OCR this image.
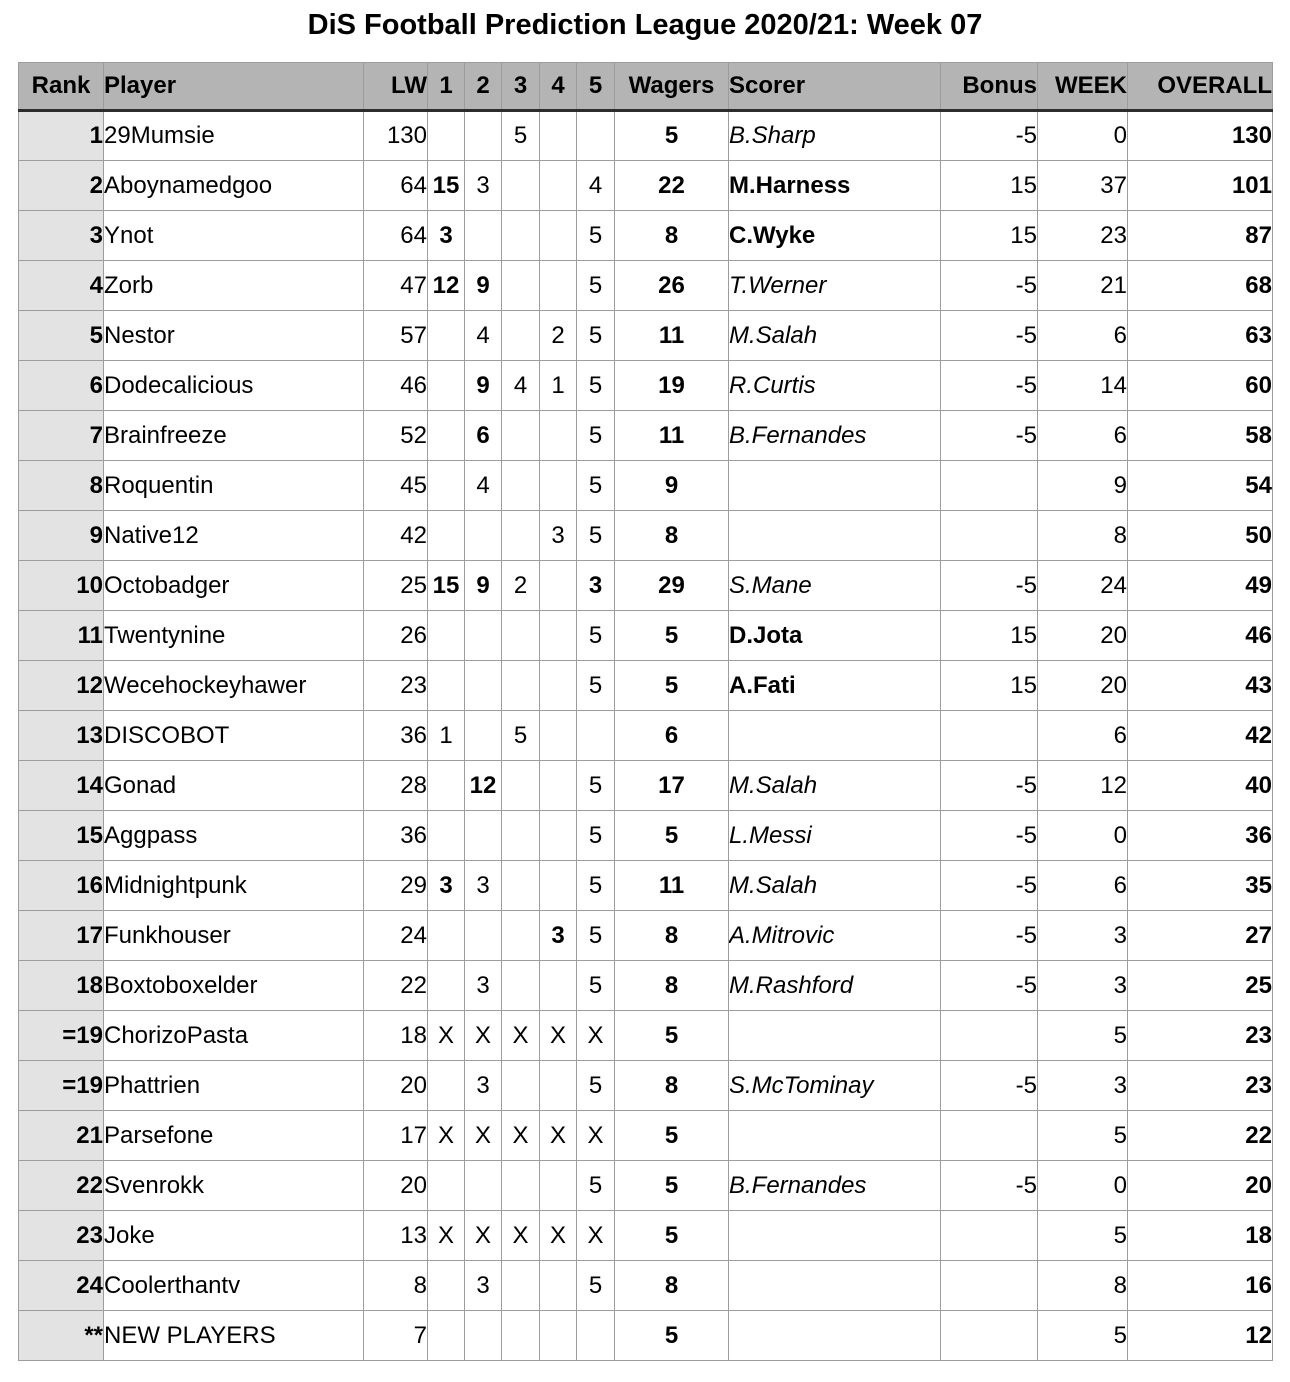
DiS Football Prediction League 2020/21: Week 07
Rank	Player	LW	1	2	3	4	5	Wagers	Scorer	Bonus	WEEK	OVERALL
1	29Mumsie	130			5			5	B.Sharp	-5	0	130
2	Aboynamedgoo	64	15	3			4	22	M.Harness	15	37	101
3	Ynot	64	3				5	8	C.Wyke	15	23	87
4	Zorb	47	12	9			5	26	T.Werner	-5	21	68
5	Nestor	57		4		2	5	11	M.Salah	-5	6	63
6	Dodecalicious	46		9	4	1	5	19	R.Curtis	-5	14	60
7	Brainfreeze	52		6			5	11	B.Fernandes	-5	6	58
8	Roquentin	45		4			5	9			9	54
9	Native12	42				3	5	8			8	50
10	Octobadger	25	15	9	2		3	29	S.Mane	-5	24	49
11	Twentynine	26					5	5	D.Jota	15	20	46
12	Wecehockeyhawer	23					5	5	A.Fati	15	20	43
13	DISCOBOT	36	1		5			6			6	42
14	Gonad	28		12			5	17	M.Salah	-5	12	40
15	Aggpass	36					5	5	L.Messi	-5	0	36
16	Midnightpunk	29	3	3			5	11	M.Salah	-5	6	35
17	Funkhouser	24				3	5	8	A.Mitrovic	-5	3	27
18	Boxtoboxelder	22		3			5	8	M.Rashford	-5	3	25
=19	ChorizoPasta	18	X	X	X	X	X	5			5	23
=19	Phattrien	20		3			5	8	S.McTominay	-5	3	23
21	Parsefone	17	X	X	X	X	X	5			5	22
22	Svenrokk	20					5	5	B.Fernandes	-5	0	20
23	Joke	13	X	X	X	X	X	5			5	18
24	Coolerthantv	8		3			5	8			8	16
**	NEW PLAYERS	7						5			5	12
